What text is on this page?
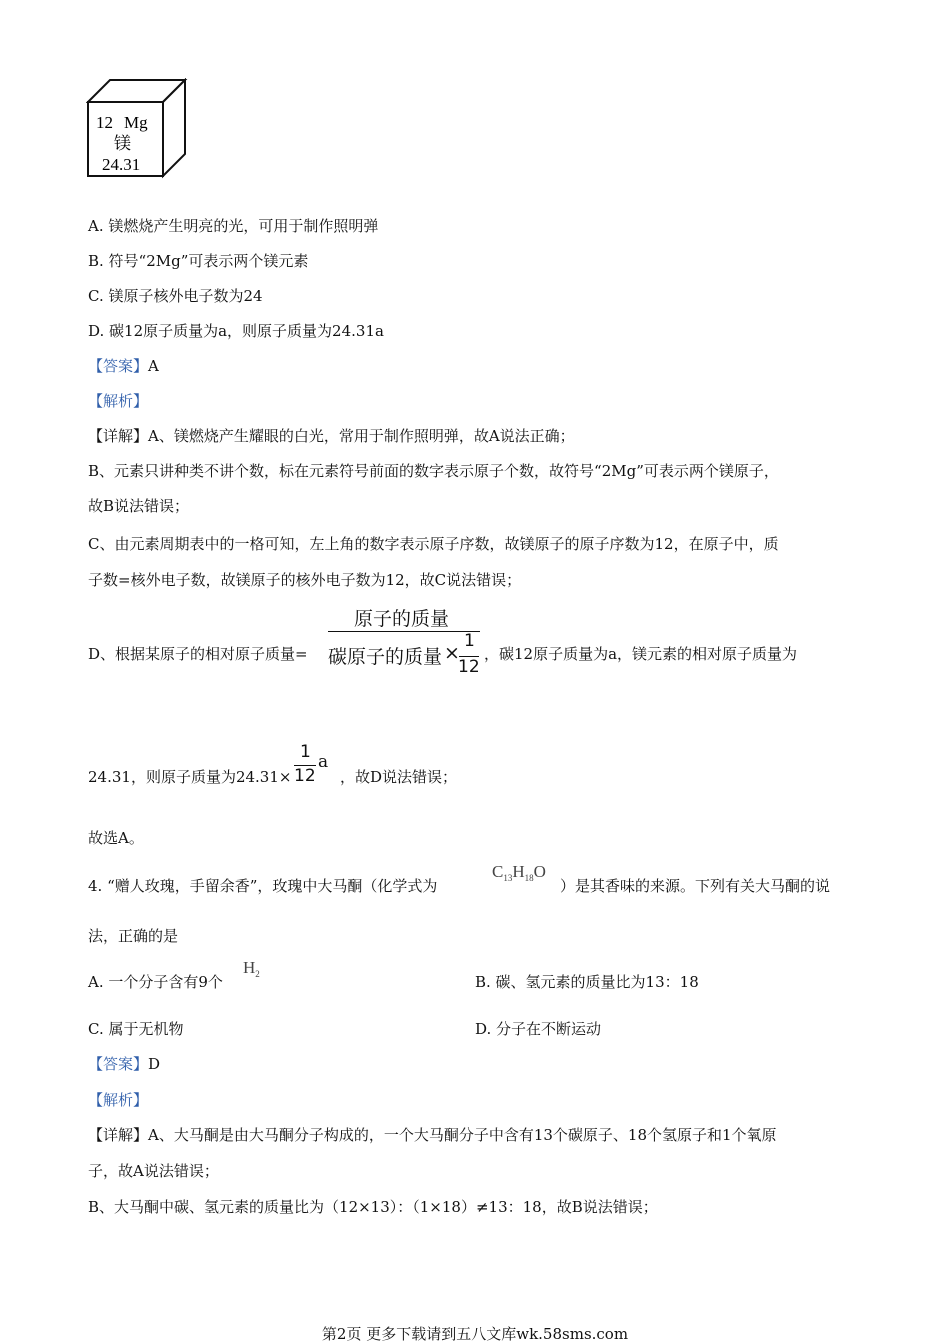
12 Mg
镁
24.31
A. 镁燃烧产生明亮的光，可用于制作照明弹
B. 符号“2Mg”可表示两个镁元素
C. 镁原子核外电子数为24
D. 碳12原子质量为a，则原子质量为24.31a
【答案】A
【解析】
【详解】A、镁燃烧产生耀眼的白光，常用于制作照明弹，故A说法正确；
B、元素只讲种类不讲个数，标在元素符号前面的数字表示原子个数，故符号“2Mg”可表示两个镁原子，
故B说法错误；
C、由元素周期表中的一格可知，左上角的数字表示原子序数，故镁原子的原子序数为12，在原子中，质
子数=核外电子数，故镁原子的核外电子数为12，故C说法错误；
D、根据某原子的相对原子质量=
原子的质量
碳原子的质量 ×
1
12
，碳12原子质量为a，镁元素的相对原子质量为
24.31，则原子质量为24.31×
1
12
a
，故D说法错误；
故选A。
4. “赠人玫瑰，手留余香”，玫瑰中大马酮（化学式为
$C_{13}H_{18}O$
）是其香味的来源。下列有关大马酮的说
法，正确的是
A. 一个分子含有9个
$H_2$	B. 碳、氢元素的质量比为13：18
C. 属于无机物	D. 分子在不断运动
【答案】D
【解析】
【详解】A、大马酮是由大马酮分子构成的，一个大马酮分子中含有13个碳原子、18个氢原子和1个氧原
子，故A说法错误；
B、大马酮中碳、氢元素的质量比为（12×13）：（1×18）≠13：18，故B说法错误；
第2页 更多下载请到五八文库wk.58sms.com
